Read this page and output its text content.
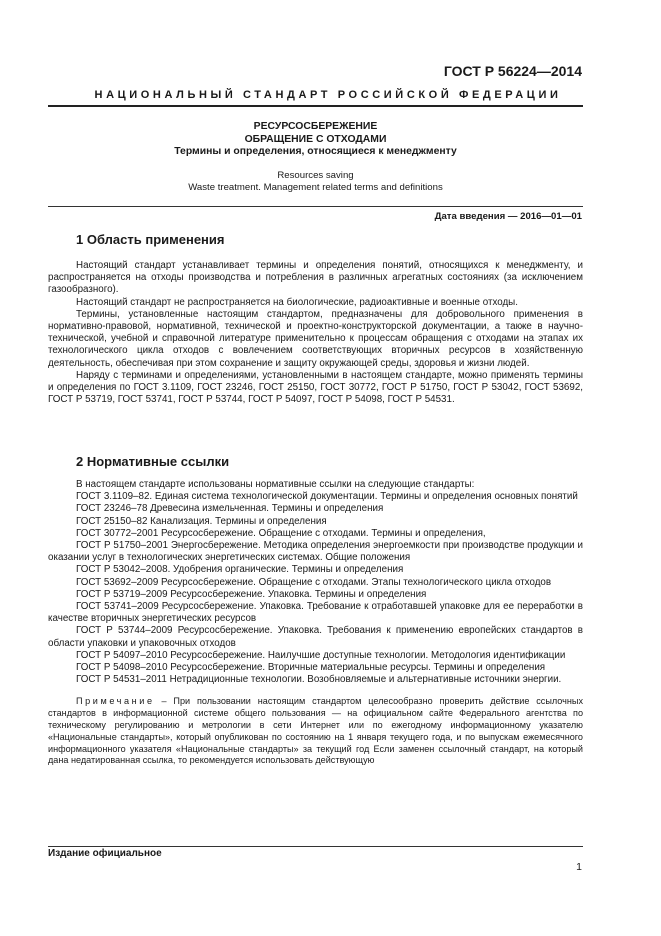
ГОСТ Р 56224—2014
НАЦИОНАЛЬНЫЙ СТАНДАРТ РОССИЙСКОЙ ФЕДЕРАЦИИ
РЕСУРСОСБЕРЕЖЕНИЕ
ОБРАЩЕНИЕ С ОТХОДАМИ
Термины и определения, относящиеся к менеджменту
Resources saving
Waste treatment. Management related terms and definitions
Дата введения — 2016—01—01
1 Область применения

Настоящий стандарт устанавливает термины и определения понятий, относящихся к менеджменту, и распространяется на отходы производства и потребления в различных агрегатных состояниях (за исключением газообразного).

Настоящий стандарт не распространяется на биологические, радиоактивные и военные отходы.

Термины, установленные настоящим стандартом, предназначены для добровольного применения в нормативно-правовой, нормативной, технической и проектно-конструкторской документации, а также в научно-технической, учебной и справочной литературе применительно к процессам обращения с отходами на этапах их технологического цикла отходов с вовлечением соответствующих вторичных ресурсов в хозяйственную деятельность, обеспечивая при этом сохранение и защиту окружающей среды, здоровья и жизни людей.

Наряду с терминами и определениями, установленными в настоящем стандарте, можно применять термины и определения по ГОСТ 3.1109, ГОСТ 23246, ГОСТ 25150, ГОСТ 30772, ГОСТ Р 51750, ГОСТ Р 53042, ГОСТ 53692, ГОСТ Р 53719, ГОСТ 53741, ГОСТ Р 53744, ГОСТ Р 54097, ГОСТ Р 54098, ГОСТ Р 54531.

2 Нормативные ссылки

В настоящем стандарте использованы нормативные ссылки на следующие стандарты:

ГОСТ 3.1109–82. Единая система технологической документации. Термины и определения основных понятий

ГОСТ 23246–78 Древесина измельченная. Термины и определения

ГОСТ 25150–82 Канализация. Термины и определения

ГОСТ 30772–2001 Ресурсосбережение. Обращение с отходами. Термины и определения,

ГОСТ Р 51750–2001 Энергосбережение. Методика определения энергоемкости при производстве продукции и оказании услуг в технологических энергетических системах. Общие положения

ГОСТ Р 53042–2008. Удобрения органические. Термины и определения

ГОСТ 53692–2009 Ресурсосбережение. Обращение с отходами. Этапы технологического цикла отходов

ГОСТ Р 53719–2009 Ресурсосбережение. Упаковка. Термины и определения

ГОСТ 53741–2009 Ресурсосбережение. Упаковка. Требование к отработавшей упаковке для ее переработки в качестве вторичных энергетических ресурсов

ГОСТ Р 53744–2009 Ресурсосбережение. Упаковка. Требования к применению европейских стандартов в области упаковки и упаковочных отходов

ГОСТ Р 54097–2010 Ресурсосбережение. Наилучшие доступные технологии. Методология идентификации

ГОСТ Р 54098–2010 Ресурсосбережение. Вторичные материальные ресурсы. Термины и определения

ГОСТ Р 54531–2011 Нетрадиционные технологии. Возобновляемые и альтернативные источники энергии.

Примечание – При пользовании настоящим стандартом целесообразно проверить действие ссылочных стандартов в информационной системе общего пользования — на официальном сайте Федерального агентства по техническому регулированию и метрологии в сети Интернет или по ежегодному информационному указателю «Национальные стандарты», который опубликован по состоянию на 1 января текущего года, и по выпускам ежемесячного информационного указателя «Национальные стандарты» за текущий год Если заменен ссылочный стандарт, на который дана недатированная ссылка, то рекомендуется использовать действующую

Издание официальное
1
